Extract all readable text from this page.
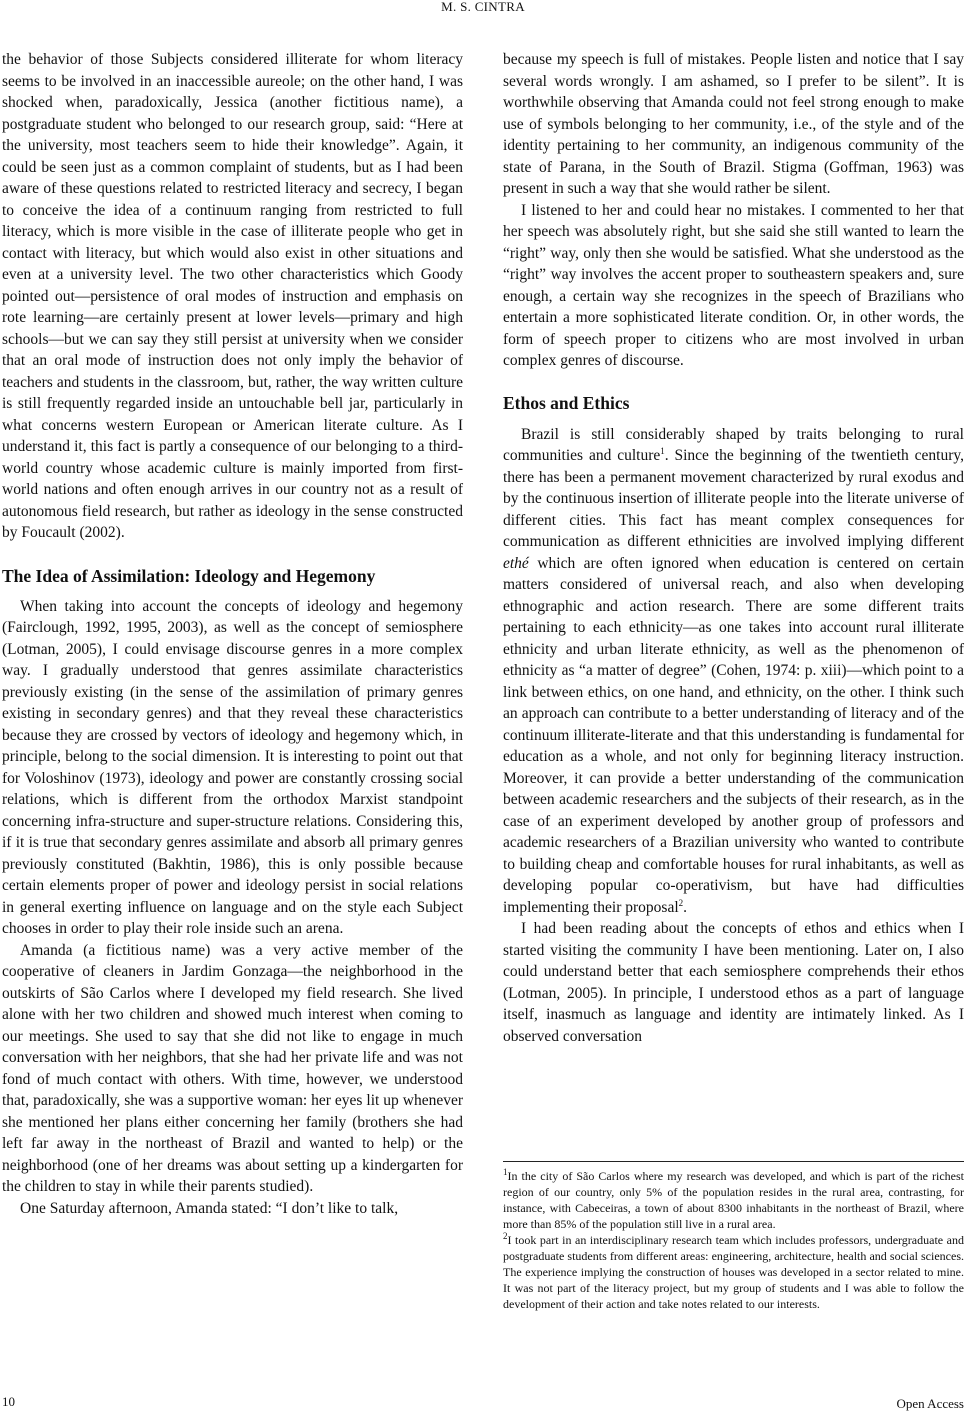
M. S. CINTRA

the behavior of those Subjects considered illiterate for whom literacy seems to be involved in an inaccessible aureole; on the other hand, I was shocked when, paradoxically, Jessica (another fictitious name), a postgraduate student who belonged to our research group, said: “Here at the university, most teachers seem to hide their knowledge”. Again, it could be seen just as a common complaint of students, but as I had been aware of these questions related to restricted literacy and secrecy, I began to conceive the idea of a continuum ranging from restricted to full literacy, which is more visible in the case of illiterate people who get in contact with literacy, but which would also exist in other situations and even at a university level. The two other characteristics which Goody pointed out—persistence of oral modes of instruction and emphasis on rote learning—are certainly present at lower levels—primary and high schools—but we can say they still persist at university when we consider that an oral mode of instruction does not only imply the behavior of teachers and students in the classroom, but, rather, the way written culture is still frequently regarded inside an untouchable bell jar, particularly in what concerns western European or American literate culture. As I understand it, this fact is partly a consequence of our belonging to a third-world country whose academic culture is mainly imported from first-world nations and often enough arrives in our country not as a result of autonomous field research, but rather as ideology in the sense constructed by Foucault (2002).

The Idea of Assimilation: Ideology and Hegemony

When taking into account the concepts of ideology and hegemony (Fairclough, 1992, 1995, 2003), as well as the concept of semiosphere (Lotman, 2005), I could envisage discourse genres in a more complex way. I gradually understood that genres assimilate characteristics previously existing (in the sense of the assimilation of primary genres existing in secondary genres) and that they reveal these characteristics because they are crossed by vectors of ideology and hegemony which, in principle, belong to the social dimension. It is interesting to point out that for Voloshinov (1973), ideology and power are constantly crossing social relations, which is different from the orthodox Marxist standpoint concerning infra-structure and super-structure relations. Considering this, if it is true that secondary genres assimilate and absorb all primary genres previously constituted (Bakhtin, 1986), this is only possible because certain elements proper of power and ideology persist in social relations in general exerting influence on language and on the style each Subject chooses in order to play their role inside such an arena.

Amanda (a fictitious name) was a very active member of the cooperative of cleaners in Jardim Gonzaga—the neighborhood in the outskirts of São Carlos where I developed my field research. She lived alone with her two children and showed much interest when coming to our meetings. She used to say that she did not like to engage in much conversation with her neighbors, that she had her private life and was not fond of much contact with others. With time, however, we understood that, paradoxically, she was a supportive woman: her eyes lit up whenever she mentioned her plans either concerning her family (brothers she had left far away in the northeast of Brazil and wanted to help) or the neighborhood (one of her dreams was about setting up a kindergarten for the children to stay in while their parents studied).

One Saturday afternoon, Amanda stated: “I don’t like to talk,

because my speech is full of mistakes. People listen and notice that I say several words wrongly. I am ashamed, so I prefer to be silent”. It is worthwhile observing that Amanda could not feel strong enough to make use of symbols belonging to her community, i.e., of the style and of the identity pertaining to her community, an indigenous community of the state of Parana, in the South of Brazil. Stigma (Goffman, 1963) was present in such a way that she would rather be silent.

I listened to her and could hear no mistakes. I commented to her that her speech was absolutely right, but she said she still wanted to learn the “right” way, only then she would be satisfied. What she understood as the “right” way involves the accent proper to southeastern speakers and, sure enough, a certain way she recognizes in the speech of Brazilians who entertain a more sophisticated literate condition. Or, in other words, the form of speech proper to citizens who are most involved in urban complex genres of discourse.

Ethos and Ethics

Brazil is still considerably shaped by traits belonging to rural communities and culture$^1$. Since the beginning of the twentieth century, there has been a permanent movement characterized by rural exodus and by the continuous insertion of illiterate people into the literate universe of different cities. This fact has meant complex consequences for communication as different ethnicities are involved implying different ethé which are often ignored when education is centered on certain matters considered of universal reach, and also when developing ethnographic and action research. There are some different traits pertaining to each ethnicity—as one takes into account rural illiterate ethnicity and urban literate ethnicity, as well as the phenomenon of ethnicity as “a matter of degree” (Cohen, 1974: p. xiii)—which point to a link between ethics, on one hand, and ethnicity, on the other. I think such an approach can contribute to a better understanding of literacy and of the continuum illiterate-literate and that this understanding is fundamental for education as a whole, and not only for beginning literacy instruction. Moreover, it can provide a better understanding of the communication between academic researchers and the subjects of their research, as in the case of an experiment developed by another group of professors and academic researchers of a Brazilian university who wanted to contribute to building cheap and comfortable houses for rural inhabitants, as well as developing popular co-operativism, but have had difficulties implementing their proposal$^2$.

I had been reading about the concepts of ethos and ethics when I started visiting the community I have been mentioning. Later on, I also could understand better that each semiosphere comprehends their ethos (Lotman, 2005). In principle, I understood ethos as a part of language itself, inasmuch as language and identity are intimately linked. As I observed conversation

$^1$In the city of São Carlos where my research was developed, and which is part of the richest region of our country, only 5% of the population resides in the rural area, contrasting, for instance, with Cabeceiras, a town of about 8300 inhabitants in the northeast of Brazil, where more than 85% of the population still live in a rural area.

$^2$I took part in an interdisciplinary research team which includes professors, undergraduate and postgraduate students from different areas: engineering, architecture, health and social sciences. The experience implying the construction of houses was developed in a sector related to mine. It was not part of the literacy project, but my group of students and I was able to follow the development of their action and take notes related to our interests.

10	Open Access
